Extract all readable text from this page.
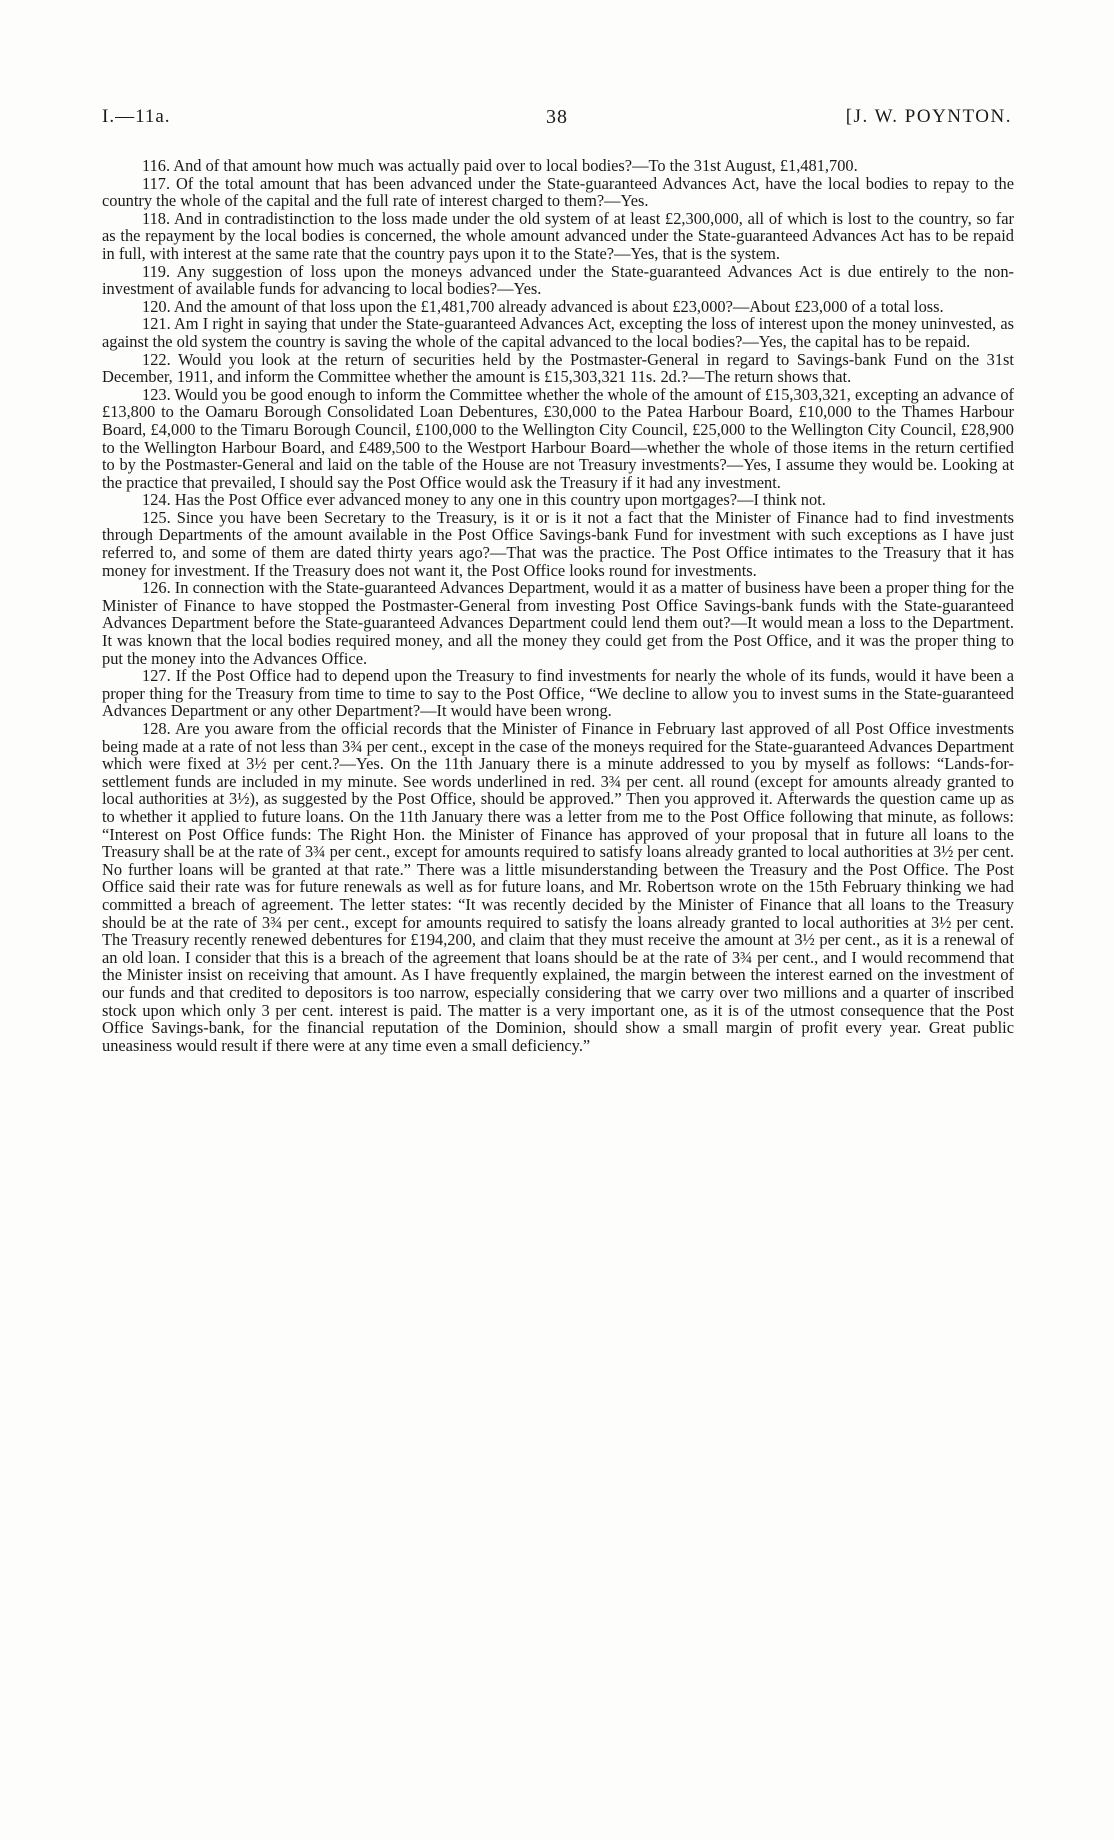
I.—11a.	38	[J. W. POYNTON.

116. And of that amount how much was actually paid over to local bodies?—To the 31st August, £1,481,700.

117. Of the total amount that has been advanced under the State-guaranteed Advances Act, have the local bodies to repay to the country the whole of the capital and the full rate of interest charged to them?—Yes.

118. And in contradistinction to the loss made under the old system of at least £2,300,000, all of which is lost to the country, so far as the repayment by the local bodies is concerned, the whole amount advanced under the State-guaranteed Advances Act has to be repaid in full, with interest at the same rate that the country pays upon it to the State?—Yes, that is the system.

119. Any suggestion of loss upon the moneys advanced under the State-guaranteed Advances Act is due entirely to the non-investment of available funds for advancing to local bodies?—Yes.

120. And the amount of that loss upon the £1,481,700 already advanced is about £23,000?—About £23,000 of a total loss.

121. Am I right in saying that under the State-guaranteed Advances Act, excepting the loss of interest upon the money uninvested, as against the old system the country is saving the whole of the capital advanced to the local bodies?—Yes, the capital has to be repaid.

122. Would you look at the return of securities held by the Postmaster-General in regard to Savings-bank Fund on the 31st December, 1911, and inform the Committee whether the amount is £15,303,321 11s. 2d.?—The return shows that.

123. Would you be good enough to inform the Committee whether the whole of the amount of £15,303,321, excepting an advance of £13,800 to the Oamaru Borough Consolidated Loan Debentures, £30,000 to the Patea Harbour Board, £10,000 to the Thames Harbour Board, £4,000 to the Timaru Borough Council, £100,000 to the Wellington City Council, £25,000 to the Wellington City Council, £28,900 to the Wellington Harbour Board, and £489,500 to the Westport Harbour Board—whether the whole of those items in the return certified to by the Postmaster-General and laid on the table of the House are not Treasury investments?—Yes, I assume they would be. Looking at the practice that prevailed, I should say the Post Office would ask the Treasury if it had any investment.

124. Has the Post Office ever advanced money to any one in this country upon mortgages?—I think not.

125. Since you have been Secretary to the Treasury, is it or is it not a fact that the Minister of Finance had to find investments through Departments of the amount available in the Post Office Savings-bank Fund for investment with such exceptions as I have just referred to, and some of them are dated thirty years ago?—That was the practice. The Post Office intimates to the Treasury that it has money for investment. If the Treasury does not want it, the Post Office looks round for investments.

126. In connection with the State-guaranteed Advances Department, would it as a matter of business have been a proper thing for the Minister of Finance to have stopped the Postmaster-General from investing Post Office Savings-bank funds with the State-guaranteed Advances Department before the State-guaranteed Advances Department could lend them out?—It would mean a loss to the Department. It was known that the local bodies required money, and all the money they could get from the Post Office, and it was the proper thing to put the money into the Advances Office.

127. If the Post Office had to depend upon the Treasury to find investments for nearly the whole of its funds, would it have been a proper thing for the Treasury from time to time to say to the Post Office, “We decline to allow you to invest sums in the State-guaranteed Advances Department or any other Department?—It would have been wrong.

128. Are you aware from the official records that the Minister of Finance in February last approved of all Post Office investments being made at a rate of not less than 3¾ per cent., except in the case of the moneys required for the State-guaranteed Advances Department which were fixed at 3½ per cent.?—Yes. On the 11th January there is a minute addressed to you by myself as follows: “Lands-for-settlement funds are included in my minute. See words underlined in red. 3¾ per cent. all round (except for amounts already granted to local authorities at 3½), as suggested by the Post Office, should be approved.” Then you approved it. Afterwards the question came up as to whether it applied to future loans. On the 11th January there was a letter from me to the Post Office following that minute, as follows: “Interest on Post Office funds: The Right Hon. the Minister of Finance has approved of your proposal that in future all loans to the Treasury shall be at the rate of 3¾ per cent., except for amounts required to satisfy loans already granted to local authorities at 3½ per cent. No further loans will be granted at that rate.” There was a little misunderstanding between the Treasury and the Post Office. The Post Office said their rate was for future renewals as well as for future loans, and Mr. Robertson wrote on the 15th February thinking we had committed a breach of agreement. The letter states: “It was recently decided by the Minister of Finance that all loans to the Treasury should be at the rate of 3¾ per cent., except for amounts required to satisfy the loans already granted to local authorities at 3½ per cent. The Treasury recently renewed debentures for £194,200, and claim that they must receive the amount at 3½ per cent., as it is a renewal of an old loan. I consider that this is a breach of the agreement that loans should be at the rate of 3¾ per cent., and I would recommend that the Minister insist on receiving that amount. As I have frequently explained, the margin between the interest earned on the investment of our funds and that credited to depositors is too narrow, especially considering that we carry over two millions and a quarter of inscribed stock upon which only 3 per cent. interest is paid. The matter is a very important one, as it is of the utmost consequence that the Post Office Savings-bank, for the financial reputation of the Dominion, should show a small margin of profit every year. Great public uneasiness would result if there were at any time even a small deficiency.”
